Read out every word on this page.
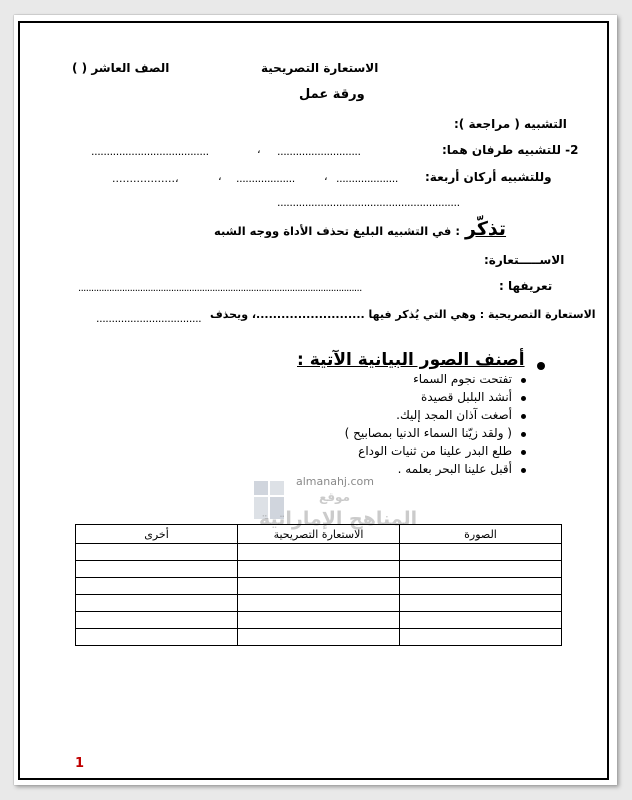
الاستعارة التصريحية
الصف العاشر ( )
ورقة عمل
التشبيه ( مراجعة ):
2- للتشبيه طرفان هما:
...........................
،
......................................
وللتشبيه أركان أربعة:
....................
،
...................
،
..................،
...........................................................
تذكّر : في التشبيه البليغ تحذف الأداة ووجه الشبه
الاســـــتعارة:
تعريفها :
..............................................................................................................
الاستعارة التصريحية : وهي التي يُذكر فيها ..........................، ويحذف
..................................
أصنف الصور البيانية الآتية :
تفتحت نجوم السماء
أنشد البلبل قصيدة
أصغت آذان المجد إليك.
( ولقد زيّنا السماء الدنيا بمصابيح )
طلع البدر علينا من ثنيات الوداع
أقبل علينا البحر بعلمه .
almanahj.com
موقع
المناهج الإماراتية
الصورة	الاستعارة التصريحية	أخرى

1
